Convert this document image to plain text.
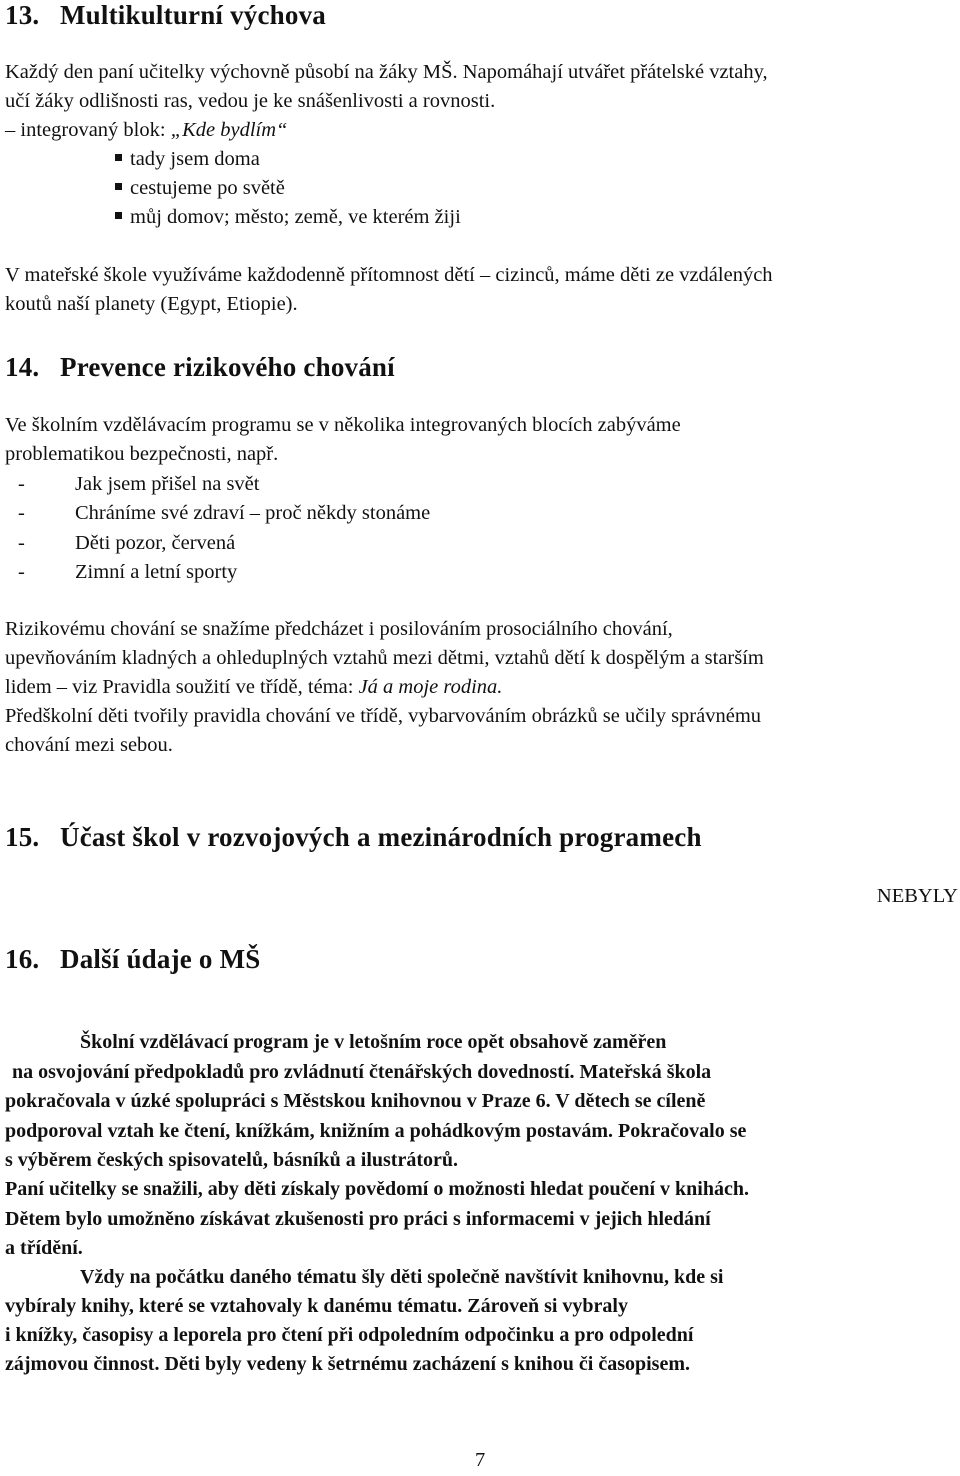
13. Multikulturní výchova

Každý den paní učitelky výchovně působí na žáky MŠ. Napomáhají utvářet přátelské vztahy,

učí žáky odlišnosti ras, vedou je ke snášenlivosti a rovnosti.

– integrovaný blok: „Kde bydlím“

tady jsem doma

cestujeme po světě

můj domov; město; země, ve kterém žiji

V mateřské škole využíváme každodenně přítomnost dětí – cizinců, máme děti ze vzdálených

koutů naší planety (Egypt, Etiopie).

14. Prevence rizikového chování

Ve školním vzdělávacím programu se v několika integrovaných blocích zabýváme

problematikou bezpečnosti, např.

- Jak jsem přišel na svět

- Chráníme své zdraví – proč někdy stonáme

- Děti pozor, červená

- Zimní a letní sporty

Rizikovému chování se snažíme předcházet i posilováním prosociálního chování,

upevňováním kladných a ohleduplných vztahů mezi dětmi, vztahů dětí k dospělým a starším

lidem – viz Pravidla soužití ve třídě, téma: Já a moje rodina.

Předškolní děti tvořily pravidla chování ve třídě, vybarvováním obrázků se učily správnému

chování mezi sebou.

15. Účast škol v rozvojových a mezinárodních programech

NEBYLY

16. Další údaje o MŠ

Školní vzdělávací program je v letošním roce opět obsahově zaměřen

na osvojování předpokladů pro zvládnutí čtenářských dovedností. Mateřská škola

pokračovala v úzké spolupráci s Městskou knihovnou v Praze 6. V dětech se cíleně

podporoval vztah ke čtení, knížkám, knižním a pohádkovým postavám. Pokračovalo se

s výběrem českých spisovatelů, básníků a ilustrátorů.

Paní učitelky se snažili, aby děti získaly povědomí o možnosti hledat poučení v knihách.

Dětem bylo umožněno získávat zkušenosti pro práci s informacemi v jejich hledání

a třídění.

Vždy na počátku daného tématu šly děti společně navštívit knihovnu, kde si

vybíraly knihy, které se vztahovaly k danému tématu. Zároveň si vybraly

i knížky, časopisy a leporela pro čtení při odpoledním odpočinku a pro odpolední

zájmovou činnost. Děti byly vedeny k šetrnému zacházení s knihou či časopisem.

7
